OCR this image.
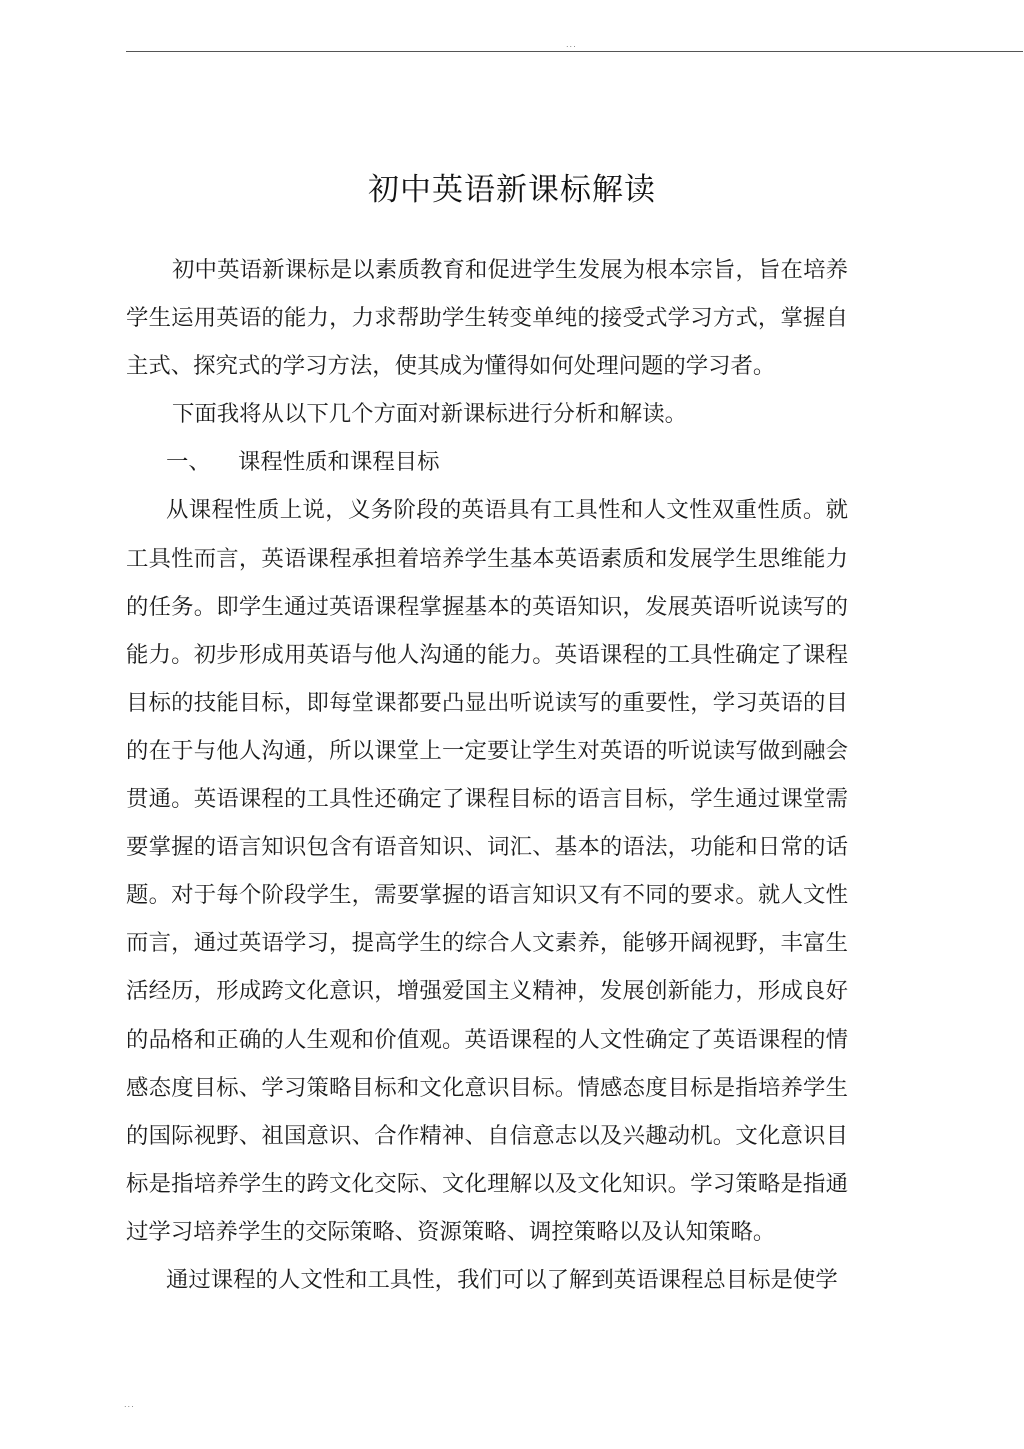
...
初中英语新课标解读

初中英语新课标是以素质教育和促进学生发展为根本宗旨，旨在培养学生运用英语的能力，力求帮助学生转变单纯的接受式学习方式，掌握自主式、探究式的学习方法，使其成为懂得如何处理问题的学习者。

下面我将从以下几个方面对新课标进行分析和解读。

一、 课程性质和课程目标

从课程性质上说，义务阶段的英语具有工具性和人文性双重性质。就工具性而言，英语课程承担着培养学生基本英语素质和发展学生思维能力的任务。即学生通过英语课程掌握基本的英语知识，发展英语听说读写的能力。初步形成用英语与他人沟通的能力。英语课程的工具性确定了课程目标的技能目标，即每堂课都要凸显出听说读写的重要性，学习英语的目的在于与他人沟通，所以课堂上一定要让学生对英语的听说读写做到融会贯通。英语课程的工具性还确定了课程目标的语言目标，学生通过课堂需要掌握的语言知识包含有语音知识、词汇、基本的语法，功能和日常的话题。对于每个阶段学生，需要掌握的语言知识又有不同的要求。就人文性而言，通过英语学习，提高学生的综合人文素养，能够开阔视野，丰富生活经历，形成跨文化意识，增强爱国主义精神，发展创新能力，形成良好的品格和正确的人生观和价值观。英语课程的人文性确定了英语课程的情感态度目标、学习策略目标和文化意识目标。情感态度目标是指培养学生的国际视野、祖国意识、合作精神、自信意志以及兴趣动机。文化意识目标是指培养学生的跨文化交际、文化理解以及文化知识。学习策略是指通过学习培养学生的交际策略、资源策略、调控策略以及认知策略。

通过课程的人文性和工具性，我们可以了解到英语课程总目标是使学

...
